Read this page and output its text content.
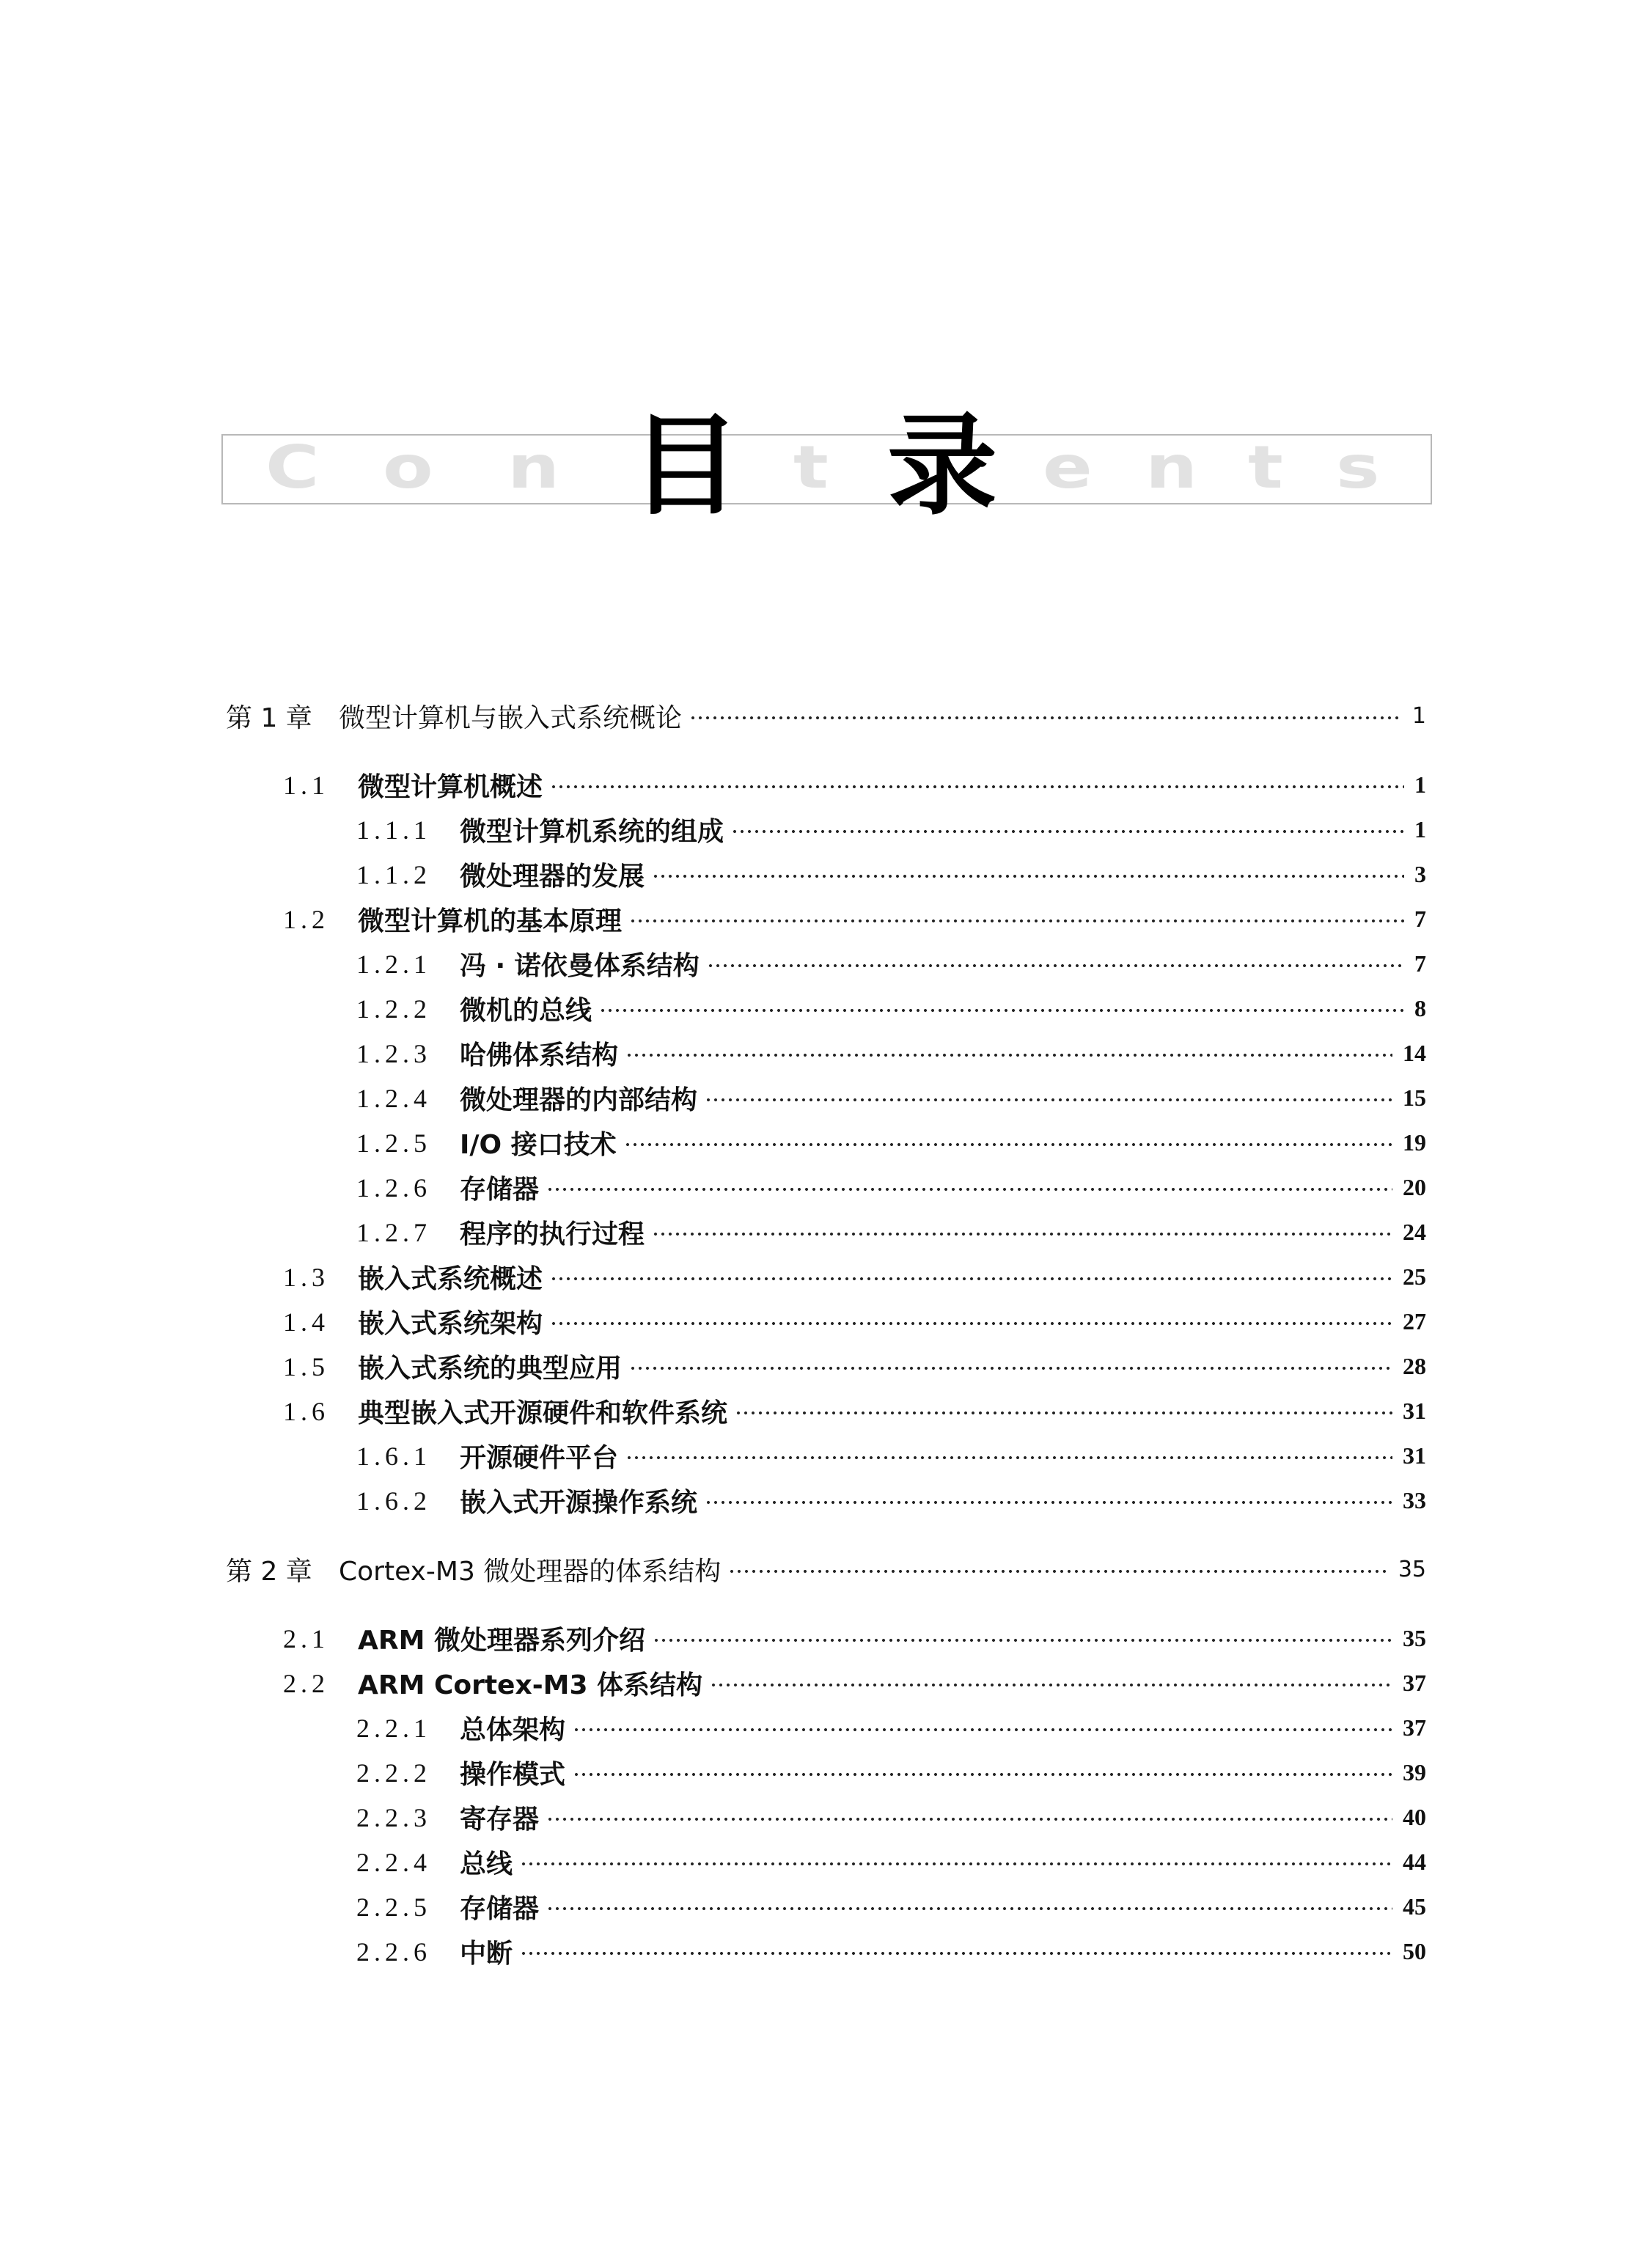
C o n	t	e n t s
目 录
第 1 章 微型计算机与嵌入式系统概论	1
1.1 微型计算机概述	1
1.1.1 微型计算机系统的组成	1
1.1.2 微处理器的发展	3
1.2 微型计算机的基本原理	7
1.2.1 冯 · 诺依曼体系结构	7
1.2.2 微机的总线	8
1.2.3 哈佛体系结构	14
1.2.4 微处理器的内部结构	15
1.2.5 I/O 接口技术	19
1.2.6 存储器	20
1.2.7 程序的执行过程	24
1.3 嵌入式系统概述	25
1.4 嵌入式系统架构	27
1.5 嵌入式系统的典型应用	28
1.6 典型嵌入式开源硬件和软件系统	31
1.6.1 开源硬件平台	31
1.6.2 嵌入式开源操作系统	33
第 2 章 Cortex-M3 微处理器的体系结构	35
2.1 ARM 微处理器系列介绍	35
2.2 ARM Cortex-M3 体系结构	37
2.2.1 总体架构	37
2.2.2 操作模式	39
2.2.3 寄存器	40
2.2.4 总线	44
2.2.5 存储器	45
2.2.6 中断	50
